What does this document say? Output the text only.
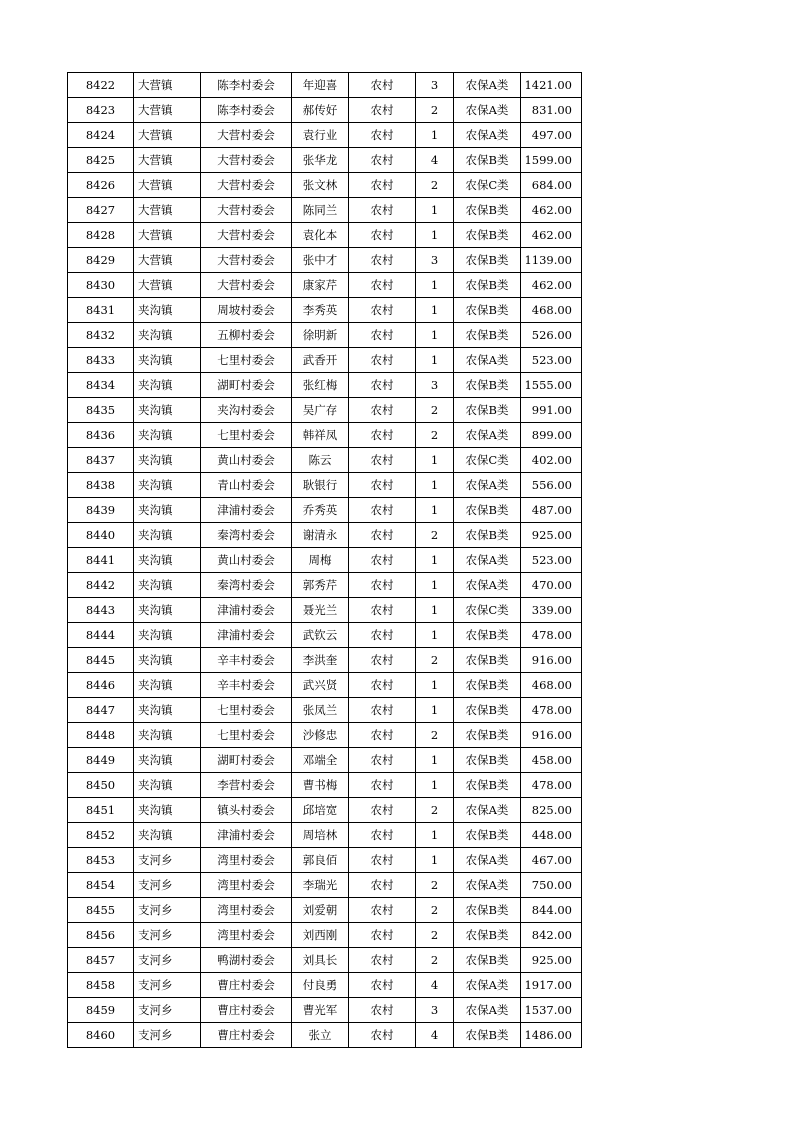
8422	大营镇	陈李村委会	年迎喜	农村	3	农保A类	1421.00
8423	大营镇	陈李村委会	郝传好	农村	2	农保A类	831.00
8424	大营镇	大营村委会	袁行业	农村	1	农保A类	497.00
8425	大营镇	大营村委会	张华龙	农村	4	农保B类	1599.00
8426	大营镇	大营村委会	张文林	农村	2	农保C类	684.00
8427	大营镇	大营村委会	陈同兰	农村	1	农保B类	462.00
8428	大营镇	大营村委会	袁化本	农村	1	农保B类	462.00
8429	大营镇	大营村委会	张中才	农村	3	农保B类	1139.00
8430	大营镇	大营村委会	康家芹	农村	1	农保B类	462.00
8431	夹沟镇	周坡村委会	李秀英	农村	1	农保B类	468.00
8432	夹沟镇	五柳村委会	徐明新	农村	1	农保B类	526.00
8433	夹沟镇	七里村委会	武香开	农村	1	农保A类	523.00
8434	夹沟镇	湖町村委会	张红梅	农村	3	农保B类	1555.00
8435	夹沟镇	夹沟村委会	吴广存	农村	2	农保B类	991.00
8436	夹沟镇	七里村委会	韩祥凤	农村	2	农保A类	899.00
8437	夹沟镇	黄山村委会	陈云	农村	1	农保C类	402.00
8438	夹沟镇	青山村委会	耿银行	农村	1	农保A类	556.00
8439	夹沟镇	津浦村委会	乔秀英	农村	1	农保B类	487.00
8440	夹沟镇	秦湾村委会	谢清永	农村	2	农保B类	925.00
8441	夹沟镇	黄山村委会	周梅	农村	1	农保A类	523.00
8442	夹沟镇	秦湾村委会	郭秀芹	农村	1	农保A类	470.00
8443	夹沟镇	津浦村委会	聂光兰	农村	1	农保C类	339.00
8444	夹沟镇	津浦村委会	武钦云	农村	1	农保B类	478.00
8445	夹沟镇	辛丰村委会	李洪奎	农村	2	农保B类	916.00
8446	夹沟镇	辛丰村委会	武兴贤	农村	1	农保B类	468.00
8447	夹沟镇	七里村委会	张凤兰	农村	1	农保B类	478.00
8448	夹沟镇	七里村委会	沙修忠	农村	2	农保B类	916.00
8449	夹沟镇	湖町村委会	邓端全	农村	1	农保B类	458.00
8450	夹沟镇	李营村委会	曹书梅	农村	1	农保B类	478.00
8451	夹沟镇	镇头村委会	邱培宽	农村	2	农保A类	825.00
8452	夹沟镇	津浦村委会	周培林	农村	1	农保B类	448.00
8453	支河乡	湾里村委会	郭良佰	农村	1	农保A类	467.00
8454	支河乡	湾里村委会	李瑞光	农村	2	农保A类	750.00
8455	支河乡	湾里村委会	刘爱朝	农村	2	农保B类	844.00
8456	支河乡	湾里村委会	刘西刚	农村	2	农保B类	842.00
8457	支河乡	鸭湖村委会	刘具长	农村	2	农保B类	925.00
8458	支河乡	曹庄村委会	付良勇	农村	4	农保A类	1917.00
8459	支河乡	曹庄村委会	曹光军	农村	3	农保A类	1537.00
8460	支河乡	曹庄村委会	张立	农村	4	农保B类	1486.00
